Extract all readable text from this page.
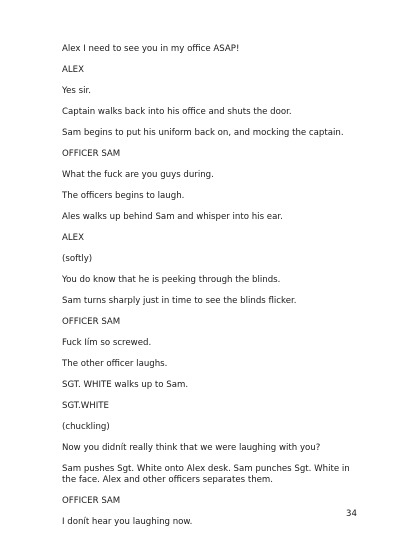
Alex I need to see you in my office ASAP!

ALEX

Yes sir.

Captain walks back into his office and shuts the door.

Sam begins to put his uniform back on, and mocking the captain.

OFFICER SAM

What the fuck are you guys during.

The officers begins to laugh.

Ales walks up behind Sam and whisper into his ear.

ALEX

(softly)

You do know that he is peeking through the blinds.

Sam turns sharply just in time to see the blinds flicker.

OFFICER SAM

Fuck Iím so screwed.

The other officer laughs.

SGT. WHITE walks up to Sam.

SGT.WHITE

(chuckling)

Now you didnít really think that we were laughing with you?

Sam pushes Sgt. White onto Alex desk. Sam punches Sgt. White in the face. Alex and other officers separates them.

OFFICER SAM

I donít hear you laughing now.

34
